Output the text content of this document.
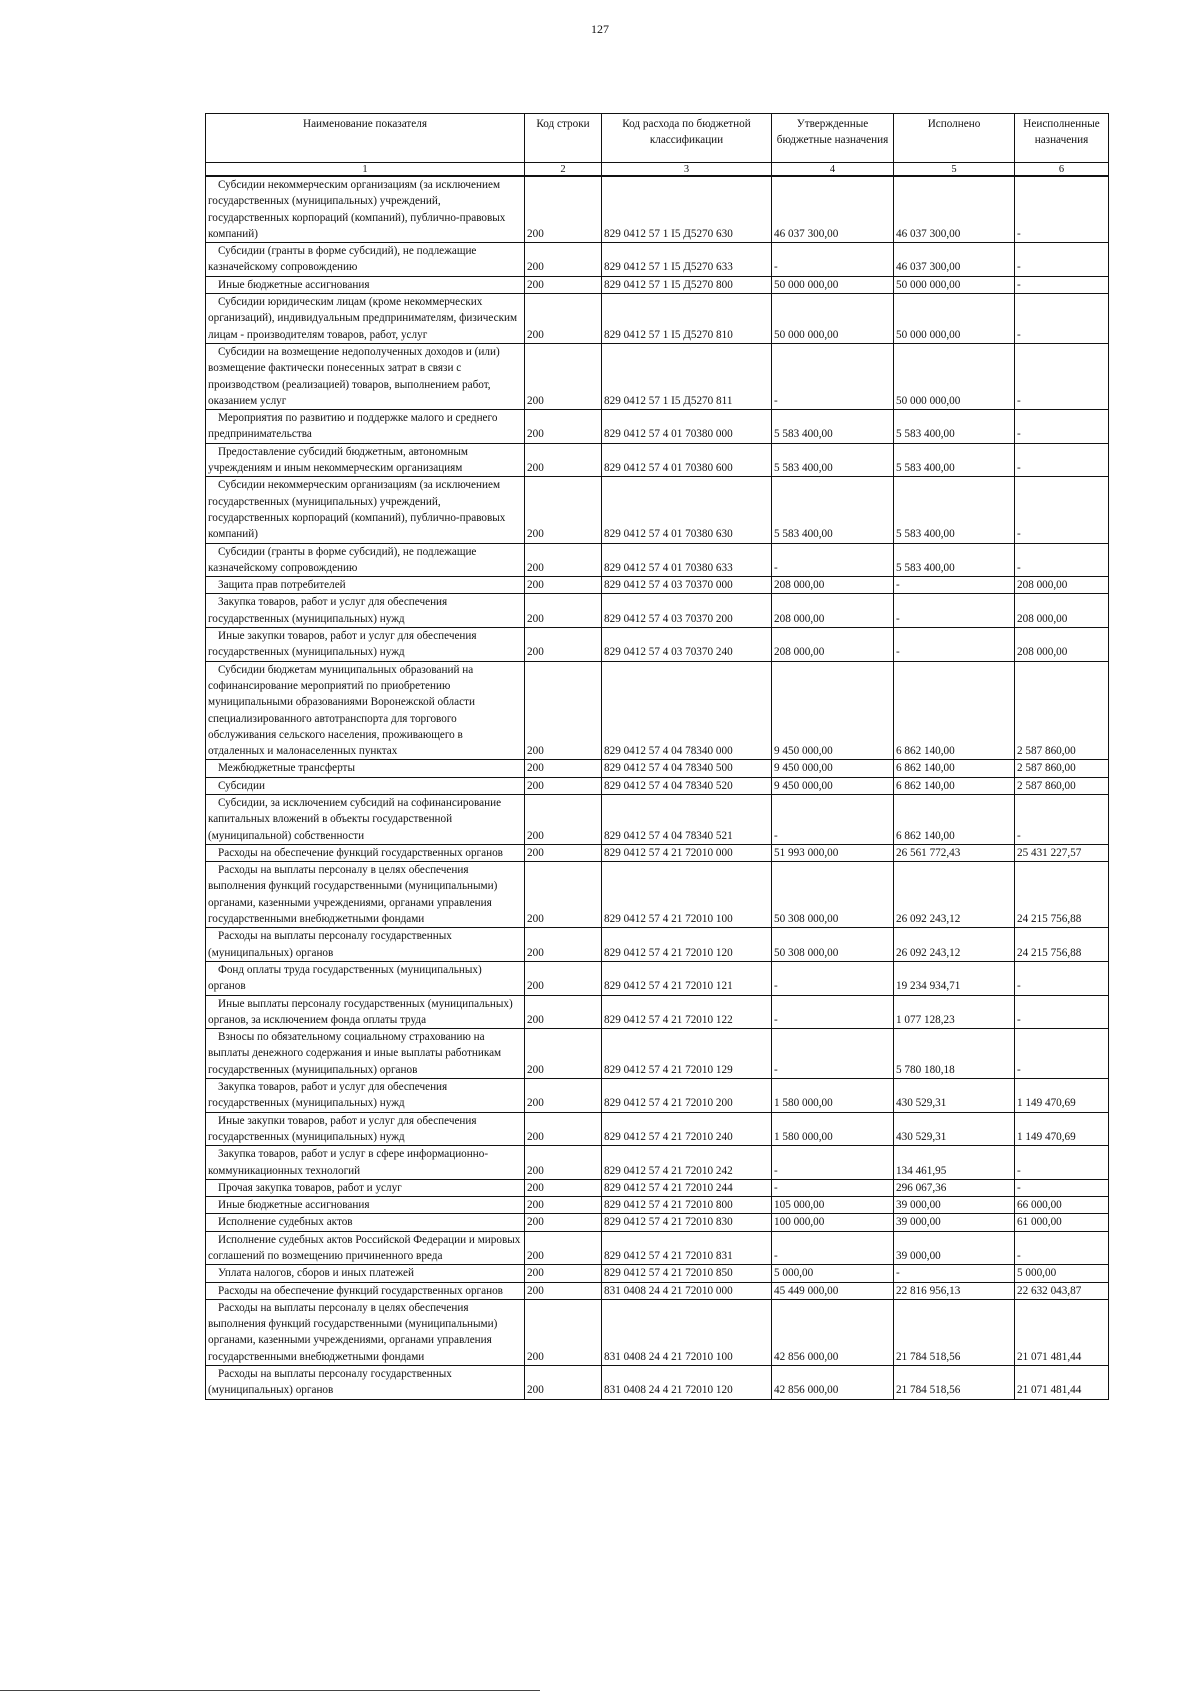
127
Наименование показателя	Код строки	Код расхода по бюджетной классификации	Утвержденные бюджетные назначения	Исполнено	Неисполненные назначения
1	2	3	4	5	6
Субсидии некоммерческим организациям (за исключением государственных (муниципальных) учреждений, государственных корпораций (компаний), публично-правовых компаний)	200	829 0412 57 1 I5 Д5270 630	46 037 300,00	46 037 300,00	-
Субсидии (гранты в форме субсидий), не подлежащие казначейскому сопровождению	200	829 0412 57 1 I5 Д5270 633	-	46 037 300,00	-
Иные бюджетные ассигнования	200	829 0412 57 1 I5 Д5270 800	50 000 000,00	50 000 000,00	-
Субсидии юридическим лицам (кроме некоммерческих организаций), индивидуальным предпринимателям, физическим лицам - производителям товаров, работ, услуг	200	829 0412 57 1 I5 Д5270 810	50 000 000,00	50 000 000,00	-
Субсидии на возмещение недополученных доходов и (или) возмещение фактически понесенных затрат в связи с производством (реализацией) товаров, выполнением работ, оказанием услуг	200	829 0412 57 1 I5 Д5270 811	-	50 000 000,00	-
Мероприятия по развитию и поддержке малого и среднего предпринимательства	200	829 0412 57 4 01 70380 000	5 583 400,00	5 583 400,00	-
Предоставление субсидий бюджетным, автономным учреждениям и иным некоммерческим организациям	200	829 0412 57 4 01 70380 600	5 583 400,00	5 583 400,00	-
Субсидии некоммерческим организациям (за исключением государственных (муниципальных) учреждений, государственных корпораций (компаний), публично-правовых компаний)	200	829 0412 57 4 01 70380 630	5 583 400,00	5 583 400,00	-
Субсидии (гранты в форме субсидий), не подлежащие казначейскому сопровождению	200	829 0412 57 4 01 70380 633	-	5 583 400,00	-
Защита прав потребителей	200	829 0412 57 4 03 70370 000	208 000,00	-	208 000,00
Закупка товаров, работ и услуг для обеспечения государственных (муниципальных) нужд	200	829 0412 57 4 03 70370 200	208 000,00	-	208 000,00
Иные закупки товаров, работ и услуг для обеспечения государственных (муниципальных) нужд	200	829 0412 57 4 03 70370 240	208 000,00	-	208 000,00
Субсидии бюджетам муниципальных образований на софинансирование мероприятий по приобретению муниципальными образованиями Воронежской области специализированного автотранспорта для торгового обслуживания сельского населения, проживающего в отдаленных и малонаселенных пунктах	200	829 0412 57 4 04 78340 000	9 450 000,00	6 862 140,00	2 587 860,00
Межбюджетные трансферты	200	829 0412 57 4 04 78340 500	9 450 000,00	6 862 140,00	2 587 860,00
Субсидии	200	829 0412 57 4 04 78340 520	9 450 000,00	6 862 140,00	2 587 860,00
Субсидии, за исключением субсидий на софинансирование капитальных вложений в объекты государственной (муниципальной) собственности	200	829 0412 57 4 04 78340 521	-	6 862 140,00	-
Расходы на обеспечение функций государственных органов	200	829 0412 57 4 21 72010 000	51 993 000,00	26 561 772,43	25 431 227,57
Расходы на выплаты персоналу в целях обеспечения выполнения функций государственными (муниципальными) органами, казенными учреждениями, органами управления государственными внебюджетными фондами	200	829 0412 57 4 21 72010 100	50 308 000,00	26 092 243,12	24 215 756,88
Расходы на выплаты персоналу государственных (муниципальных) органов	200	829 0412 57 4 21 72010 120	50 308 000,00	26 092 243,12	24 215 756,88
Фонд оплаты труда государственных (муниципальных) органов	200	829 0412 57 4 21 72010 121	-	19 234 934,71	-
Иные выплаты персоналу государственных (муниципальных) органов, за исключением фонда оплаты труда	200	829 0412 57 4 21 72010 122	-	1 077 128,23	-
Взносы по обязательному социальному страхованию на выплаты денежного содержания и иные выплаты работникам государственных (муниципальных) органов	200	829 0412 57 4 21 72010 129	-	5 780 180,18	-
Закупка товаров, работ и услуг для обеспечения государственных (муниципальных) нужд	200	829 0412 57 4 21 72010 200	1 580 000,00	430 529,31	1 149 470,69
Иные закупки товаров, работ и услуг для обеспечения государственных (муниципальных) нужд	200	829 0412 57 4 21 72010 240	1 580 000,00	430 529,31	1 149 470,69
Закупка товаров, работ и услуг в сфере информационно-коммуникационных технологий	200	829 0412 57 4 21 72010 242	-	134 461,95	-
Прочая закупка товаров, работ и услуг	200	829 0412 57 4 21 72010 244	-	296 067,36	-
Иные бюджетные ассигнования	200	829 0412 57 4 21 72010 800	105 000,00	39 000,00	66 000,00
Исполнение судебных актов	200	829 0412 57 4 21 72010 830	100 000,00	39 000,00	61 000,00
Исполнение судебных актов Российской Федерации и мировых соглашений по возмещению причиненного вреда	200	829 0412 57 4 21 72010 831	-	39 000,00	-
Уплата налогов, сборов и иных платежей	200	829 0412 57 4 21 72010 850	5 000,00	-	5 000,00
Расходы на обеспечение функций государственных органов	200	831 0408 24 4 21 72010 000	45 449 000,00	22 816 956,13	22 632 043,87
Расходы на выплаты персоналу в целях обеспечения выполнения функций государственными (муниципальными) органами, казенными учреждениями, органами управления государственными внебюджетными фондами	200	831 0408 24 4 21 72010 100	42 856 000,00	21 784 518,56	21 071 481,44
Расходы на выплаты персоналу государственных (муниципальных) органов	200	831 0408 24 4 21 72010 120	42 856 000,00	21 784 518,56	21 071 481,44
